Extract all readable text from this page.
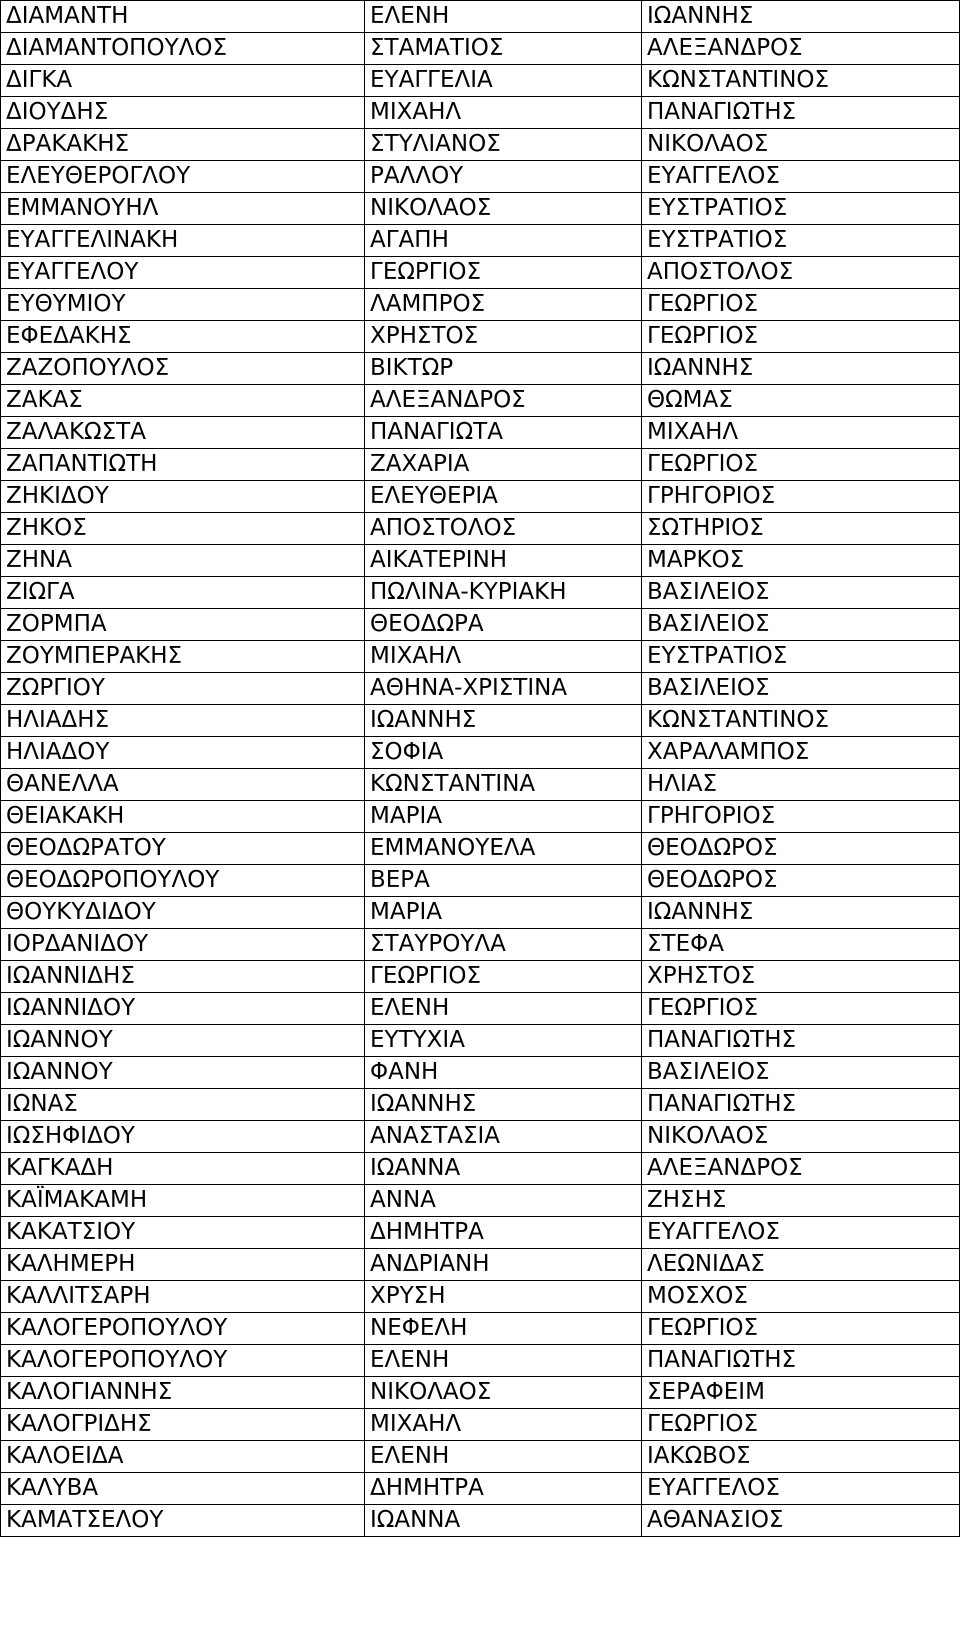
ΔΙΑΜΑΝΤΗ	ΕΛΕΝΗ	ΙΩΑΝΝΗΣ
ΔΙΑΜΑΝΤΟΠΟΥΛΟΣ	ΣΤΑΜΑΤΙΟΣ	ΑΛΕΞΑΝΔΡΟΣ
ΔΙΓΚΑ	ΕΥΑΓΓΕΛΙΑ	ΚΩΝΣΤΑΝΤΙΝΟΣ
ΔΙΟΥΔΗΣ	ΜΙΧΑΗΛ	ΠΑΝΑΓΙΩΤΗΣ
ΔΡΑΚΑΚΗΣ	ΣΤΥΛΙΑΝΟΣ	ΝΙΚΟΛΑΟΣ
ΕΛΕΥΘΕΡΟΓΛΟΥ	ΡΑΛΛΟΥ	ΕΥΑΓΓΕΛΟΣ
ΕΜΜΑΝΟΥΗΛ	ΝΙΚΟΛΑΟΣ	ΕΥΣΤΡΑΤΙΟΣ
ΕΥΑΓΓΕΛΙΝΑΚΗ	ΑΓΑΠΗ	ΕΥΣΤΡΑΤΙΟΣ
ΕΥΑΓΓΕΛΟΥ	ΓΕΩΡΓΙΟΣ	ΑΠΟΣΤΟΛΟΣ
ΕΥΘΥΜΙΟΥ	ΛΑΜΠΡΟΣ	ΓΕΩΡΓΙΟΣ
ΕΦΕΔΑΚΗΣ	ΧΡΗΣΤΟΣ	ΓΕΩΡΓΙΟΣ
ΖΑΖΟΠΟΥΛΟΣ	ΒΙΚΤΩΡ	ΙΩΑΝΝΗΣ
ΖΑΚΑΣ	ΑΛΕΞΑΝΔΡΟΣ	ΘΩΜΑΣ
ΖΑΛΑΚΩΣΤΑ	ΠΑΝΑΓΙΩΤΑ	ΜΙΧΑΗΛ
ΖΑΠΑΝΤΙΩΤΗ	ΖΑΧΑΡΙΑ	ΓΕΩΡΓΙΟΣ
ΖΗΚΙΔΟΥ	ΕΛΕΥΘΕΡΙΑ	ΓΡΗΓΟΡΙΟΣ
ΖΗΚΟΣ	ΑΠΟΣΤΟΛΟΣ	ΣΩΤΗΡΙΟΣ
ΖΗΝΑ	ΑΙΚΑΤΕΡΙΝΗ	ΜΑΡΚΟΣ
ΖΙΩΓΑ	ΠΩΛΙΝΑ-ΚΥΡΙΑΚΗ	ΒΑΣΙΛΕΙΟΣ
ΖΟΡΜΠΑ	ΘΕΟΔΩΡΑ	ΒΑΣΙΛΕΙΟΣ
ΖΟΥΜΠΕΡΑΚΗΣ	ΜΙΧΑΗΛ	ΕΥΣΤΡΑΤΙΟΣ
ΖΩΡΓΙΟΥ	ΑΘΗΝΑ-ΧΡΙΣΤΙΝΑ	ΒΑΣΙΛΕΙΟΣ
ΗΛΙΑΔΗΣ	ΙΩΑΝΝΗΣ	ΚΩΝΣΤΑΝΤΙΝΟΣ
ΗΛΙΑΔΟΥ	ΣΟΦΙΑ	ΧΑΡΑΛΑΜΠΟΣ
ΘΑΝΕΛΛΑ	ΚΩΝΣΤΑΝΤΙΝΑ	ΗΛΙΑΣ
ΘΕΙΑΚΑΚΗ	ΜΑΡΙΑ	ΓΡΗΓΟΡΙΟΣ
ΘΕΟΔΩΡΑΤΟΥ	ΕΜΜΑΝΟΥΕΛΑ	ΘΕΟΔΩΡΟΣ
ΘΕΟΔΩΡΟΠΟΥΛΟΥ	ΒΕΡΑ	ΘΕΟΔΩΡΟΣ
ΘΟΥΚΥΔΙΔΟΥ	ΜΑΡΙΑ	ΙΩΑΝΝΗΣ
ΙΟΡΔΑΝΙΔΟΥ	ΣΤΑΥΡΟΥΛΑ	ΣΤΕΦΑ
ΙΩΑΝΝΙΔΗΣ	ΓΕΩΡΓΙΟΣ	ΧΡΗΣΤΟΣ
ΙΩΑΝΝΙΔΟΥ	ΕΛΕΝΗ	ΓΕΩΡΓΙΟΣ
ΙΩΑΝΝΟΥ	ΕΥΤΥΧΙΑ	ΠΑΝΑΓΙΩΤΗΣ
ΙΩΑΝΝΟΥ	ΦΑΝΗ	ΒΑΣΙΛΕΙΟΣ
ΙΩΝΑΣ	ΙΩΑΝΝΗΣ	ΠΑΝΑΓΙΩΤΗΣ
ΙΩΣΗΦΙΔΟΥ	ΑΝΑΣΤΑΣΙΑ	ΝΙΚΟΛΑΟΣ
ΚΑΓΚΑΔΗ	ΙΩΑΝΝΑ	ΑΛΕΞΑΝΔΡΟΣ
ΚΑΪΜΑΚΑΜΗ	ΑΝΝΑ	ΖΗΣΗΣ
ΚΑΚΑΤΣΙΟΥ	ΔΗΜΗΤΡΑ	ΕΥΑΓΓΕΛΟΣ
ΚΑΛΗΜΕΡΗ	ΑΝΔΡΙΑΝΗ	ΛΕΩΝΙΔΑΣ
ΚΑΛΛΙΤΣΑΡΗ	ΧΡΥΣΗ	ΜΟΣΧΟΣ
ΚΑΛΟΓΕΡΟΠΟΥΛΟΥ	ΝΕΦΕΛΗ	ΓΕΩΡΓΙΟΣ
ΚΑΛΟΓΕΡΟΠΟΥΛΟΥ	ΕΛΕΝΗ	ΠΑΝΑΓΙΩΤΗΣ
ΚΑΛΟΓΙΑΝΝΗΣ	ΝΙΚΟΛΑΟΣ	ΣΕΡΑΦΕΙΜ
ΚΑΛΟΓΡΙΔΗΣ	ΜΙΧΑΗΛ	ΓΕΩΡΓΙΟΣ
ΚΑΛΟΕΙΔΑ	ΕΛΕΝΗ	ΙΑΚΩΒΟΣ
ΚΑΛΥΒΑ	ΔΗΜΗΤΡΑ	ΕΥΑΓΓΕΛΟΣ
ΚΑΜΑΤΣΕΛΟΥ	ΙΩΑΝΝΑ	ΑΘΑΝΑΣΙΟΣ
